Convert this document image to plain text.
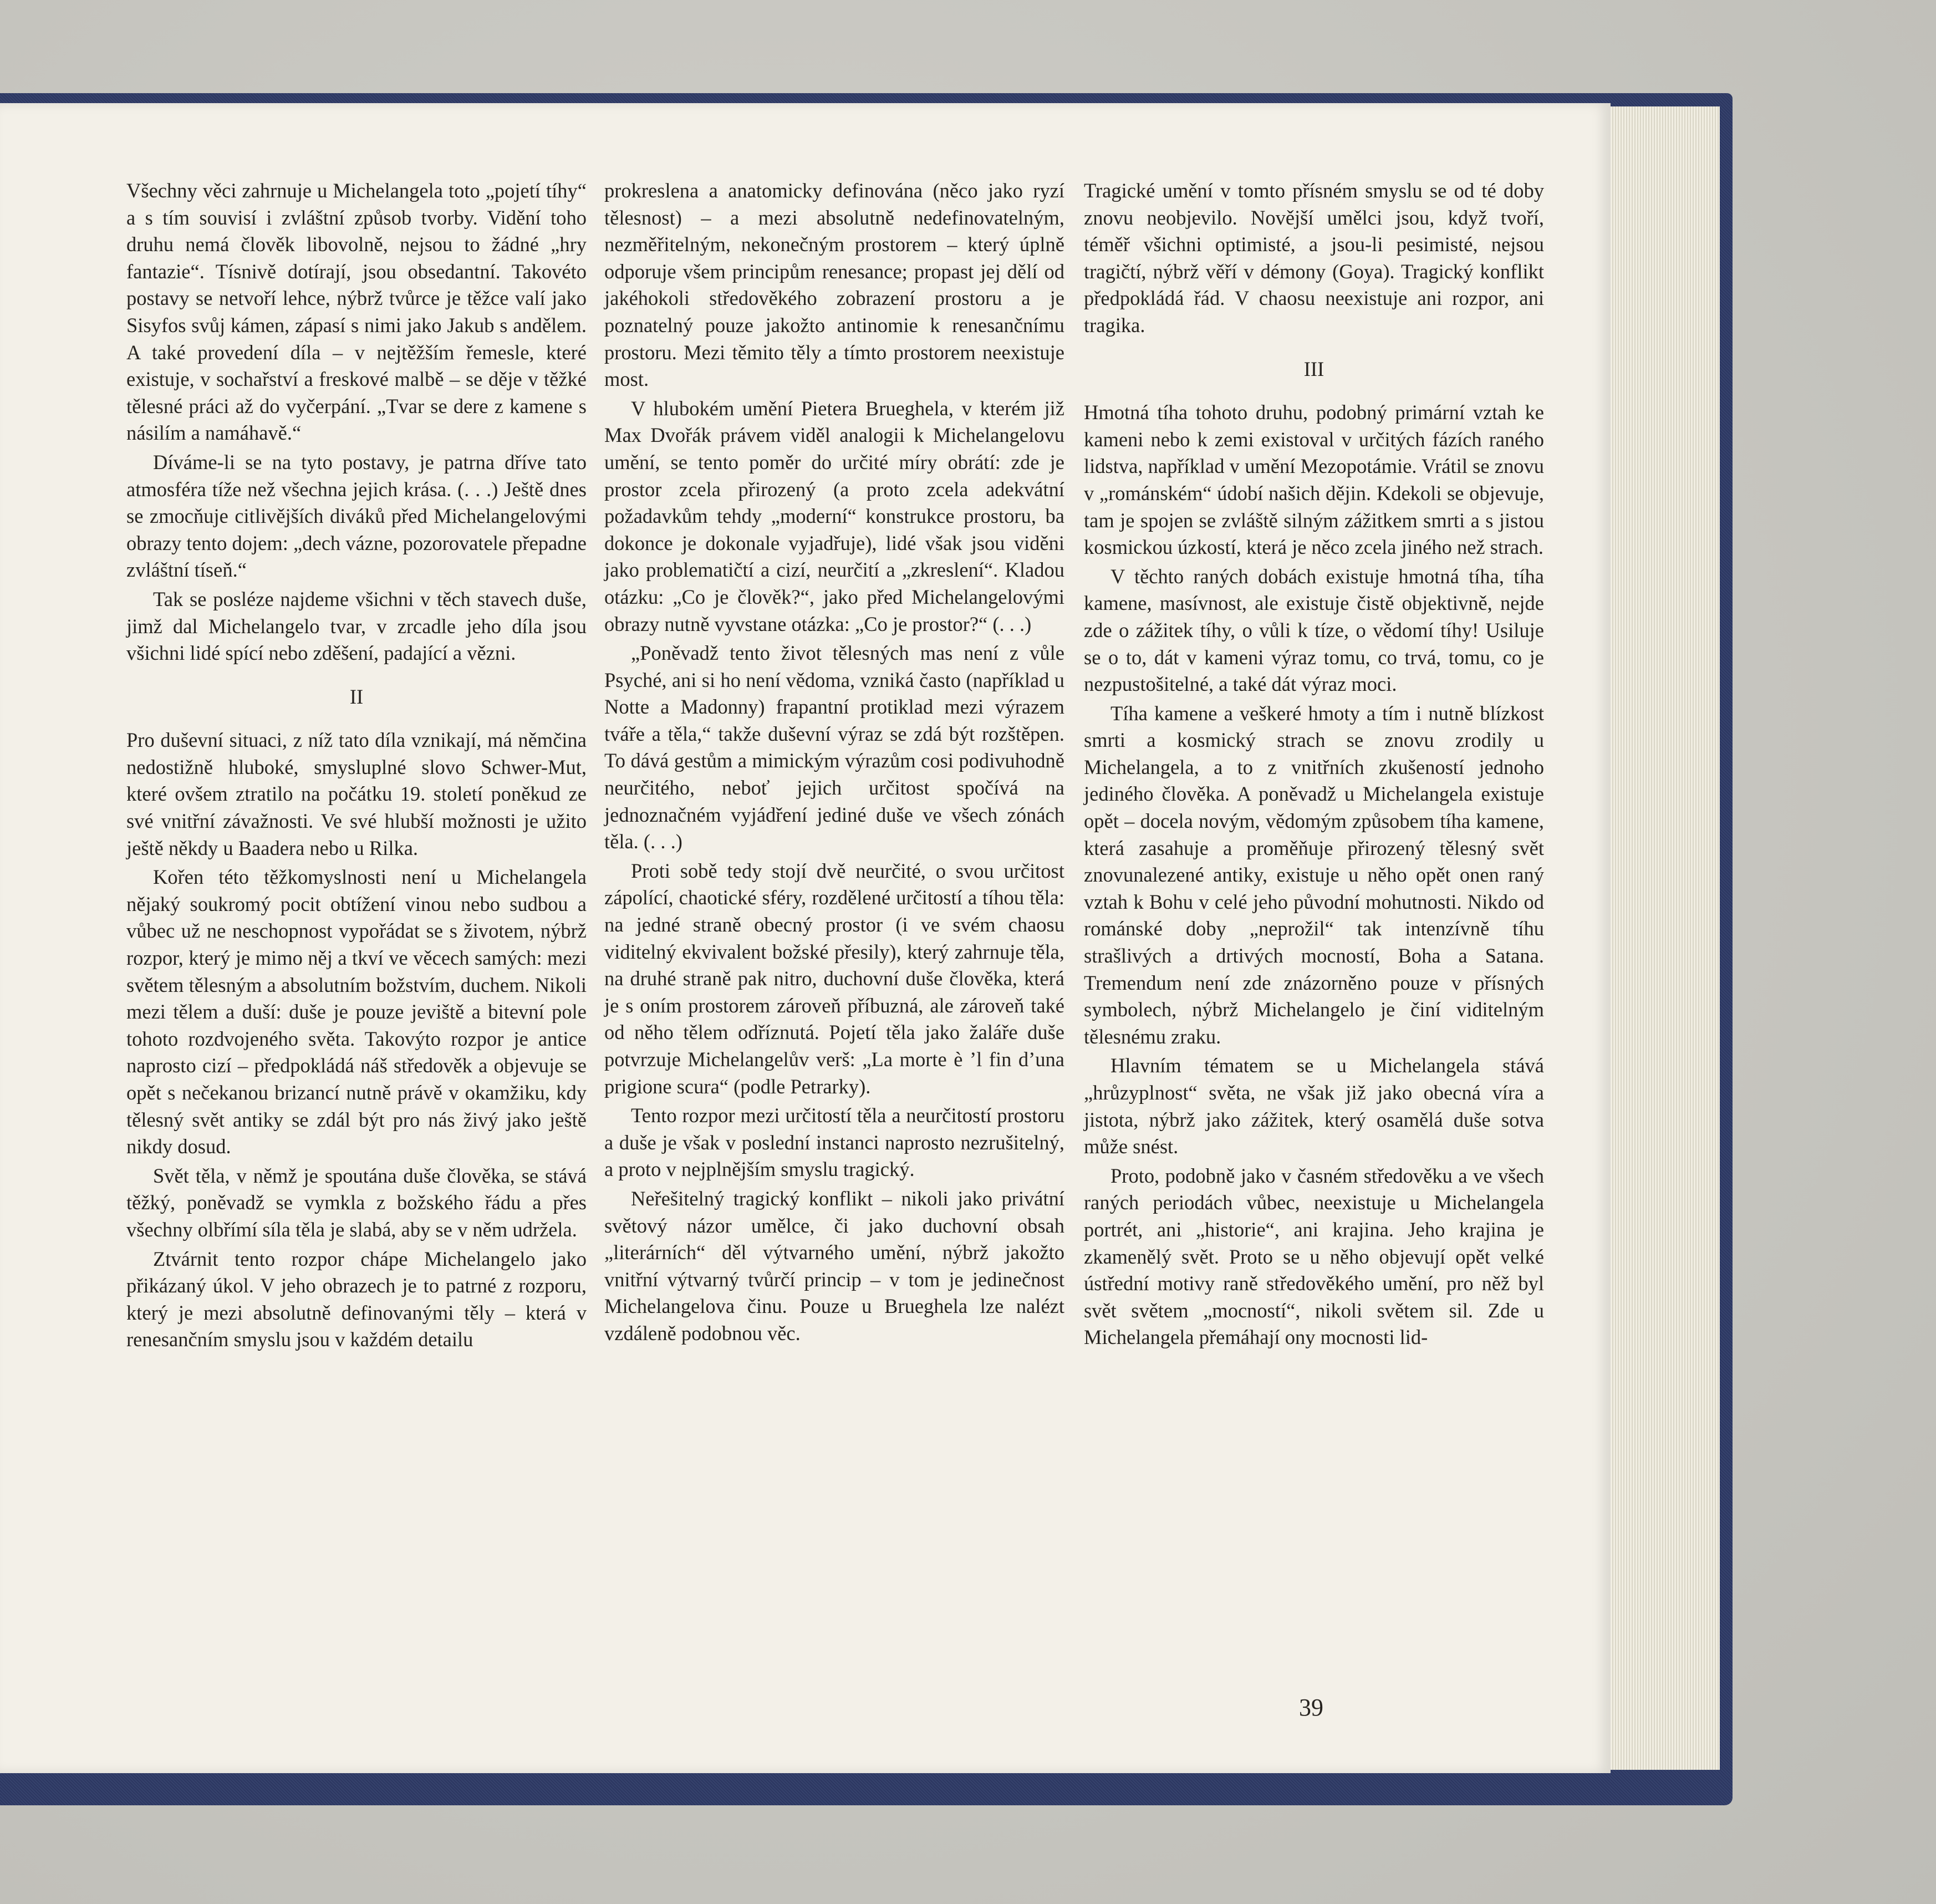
Všechny věci zahrnuje u Michelangela toto „pojetí tíhy“ a s tím souvisí i zvláštní způsob tvorby. Vidění toho druhu nemá člověk libovolně, nejsou to žádné „hry fantazie“. Tísnivě dotírají, jsou obsedantní. Takovéto postavy se netvoří lehce, nýbrž tvůrce je těžce valí jako Sisyfos svůj kámen, zápasí s nimi jako Jakub s andělem. A také provedení díla – v nejtěžším řemesle, které existuje, v sochařství a freskové malbě – se děje v těžké tělesné práci až do vyčerpání. „Tvar se dere z kamene s násilím a namáhavě.“

Díváme-li se na tyto postavy, je patrna dříve tato atmosféra tíže než všechna jejich krása. (. . .) Ještě dnes se zmocňuje citlivějších diváků před Michelangelovými obrazy tento dojem: „dech vázne, pozorovatele přepadne zvláštní tíseň.“

Tak se posléze najdeme všichni v těch stavech duše, jimž dal Michelangelo tvar, v zrcadle jeho díla jsou všichni lidé spící nebo zděšení, padající a vězni.

II

Pro duševní situaci, z níž tato díla vznikají, má němčina nedostižně hluboké, smysluplné slovo Schwer-Mut, které ovšem ztratilo na počátku 19. století poněkud ze své vnitřní závažnosti. Ve své hlubší možnosti je užito ještě někdy u Baadera nebo u Rilka.

Kořen této těžkomyslnosti není u Michelangela nějaký soukromý pocit obtížení vinou nebo sudbou a vůbec už ne neschopnost vypořádat se s životem, nýbrž rozpor, který je mimo něj a tkví ve věcech samých: mezi světem tělesným a absolutním božstvím, duchem. Nikoli mezi tělem a duší: duše je pouze jeviště a bitevní pole tohoto rozdvojeného světa. Takovýto rozpor je antice naprosto cizí – předpokládá náš středověk a objevuje se opět s nečekanou brizancí nutně právě v okamžiku, kdy tělesný svět antiky se zdál být pro nás živý jako ještě nikdy dosud.

Svět těla, v němž je spoutána duše člověka, se stává těžký, poněvadž se vymkla z božského řádu a přes všechny olbřímí síla těla je slabá, aby se v něm udržela.

Ztvárnit tento rozpor chápe Michelangelo jako přikázaný úkol. V jeho obrazech je to patrné z rozporu, který je mezi absolutně definovanými těly – která v renesančním smyslu jsou v každém detailu

prokreslena a anatomicky definována (něco jako ryzí tělesnost) – a mezi absolutně nedefinovatelným, nezměřitelným, nekonečným prostorem – který úplně odporuje všem principům renesance; propast jej dělí od jakéhokoli středověkého zobrazení prostoru a je poznatelný pouze jakožto antinomie k renesančnímu prostoru. Mezi těmito těly a tímto prostorem neexistuje most.

V hlubokém umění Pietera Brueghela, v kterém již Max Dvořák právem viděl analogii k Michelangelovu umění, se tento poměr do určité míry obrátí: zde je prostor zcela přirozený (a proto zcela adekvátní požadavkům tehdy „moderní“ konstrukce prostoru, ba dokonce je dokonale vyjadřuje), lidé však jsou viděni jako problematičtí a cizí, neurčití a „zkreslení“. Kladou otázku: „Co je člověk?“, jako před Michelangelovými obrazy nutně vyvstane otázka: „Co je prostor?“ (. . .)

„Poněvadž tento život tělesných mas není z vůle Psyché, ani si ho není vědoma, vzniká často (například u Notte a Madonny) frapantní protiklad mezi výrazem tváře a těla,“ takže duševní výraz se zdá být rozštěpen. To dává gestům a mimickým výrazům cosi podivuhodně neurčitého, neboť jejich určitost spočívá na jednoznačném vyjádření jediné duše ve všech zónách těla. (. . .)

Proti sobě tedy stojí dvě neurčité, o svou určitost zápolící, chaotické sféry, rozdělené určitostí a tíhou těla: na jedné straně obecný prostor (i ve svém chaosu viditelný ekvivalent božské přesily), který zahrnuje těla, na druhé straně pak nitro, duchovní duše člověka, která je s oním prostorem zároveň příbuzná, ale zároveň také od něho tělem odříznutá. Pojetí těla jako žaláře duše potvrzuje Michelangelův verš: „La morte è ’l fin d’una prigione scura“ (podle Petrarky).

Tento rozpor mezi určitostí těla a neurčitostí prostoru a duše je však v poslední instanci naprosto nezrušitelný, a proto v nejplnějším smyslu tragický.

Neřešitelný tragický konflikt – nikoli jako privátní světový názor umělce, či jako duchovní obsah „literárních“ děl výtvarného umění, nýbrž jakožto vnitřní výtvarný tvůrčí princip – v tom je jedinečnost Michelangelova činu. Pouze u Brueghela lze nalézt vzdáleně podobnou věc.

Tragické umění v tomto přísném smyslu se od té doby znovu neobjevilo. Novější umělci jsou, když tvoří, téměř všichni optimisté, a jsou-li pesimisté, nejsou tragičtí, nýbrž věří v démony (Goya). Tragický konflikt předpokládá řád. V chaosu neexistuje ani rozpor, ani tragika.

III

Hmotná tíha tohoto druhu, podobný primární vztah ke kameni nebo k zemi existoval v určitých fázích raného lidstva, například v umění Mezopotámie. Vrátil se znovu v „románském“ údobí našich dějin. Kdekoli se objevuje, tam je spojen se zvláště silným zážitkem smrti a s jistou kosmickou úzkostí, která je něco zcela jiného než strach.

V těchto raných dobách existuje hmotná tíha, tíha kamene, masívnost, ale existuje čistě objektivně, nejde zde o zážitek tíhy, o vůli k tíze, o vědomí tíhy! Usiluje se o to, dát v kameni výraz tomu, co trvá, tomu, co je nezpustošitelné, a také dát výraz moci.

Tíha kamene a veškeré hmoty a tím i nutně blízkost smrti a kosmický strach se znovu zrodily u Michelangela, a to z vnitřních zkušeností jednoho jediného člověka. A poněvadž u Michelangela existuje opět – docela novým, vědomým způsobem tíha kamene, která zasahuje a proměňuje přirozený tělesný svět znovunalezené antiky, existuje u něho opět onen raný vztah k Bohu v celé jeho původní mohutnosti. Nikdo od románské doby „neprožil“ tak intenzívně tíhu strašlivých a drtivých mocností, Boha a Satana. Tremendum není zde znázorněno pouze v přísných symbolech, nýbrž Michelangelo je činí viditelným tělesnému zraku.

Hlavním tématem se u Michelangela stává „hrůzyplnost“ světa, ne však již jako obecná víra a jistota, nýbrž jako zážitek, který osamělá duše sotva může snést.

Proto, podobně jako v časném středověku a ve všech raných periodách vůbec, neexistuje u Michelangela portrét, ani „historie“, ani krajina. Jeho krajina je zkamenělý svět. Proto se u něho objevují opět velké ústřední motivy raně středověkého umění, pro něž byl svět světem „mocností“, nikoli světem sil. Zde u Michelangela přemáhají ony mocnosti lid-

39
